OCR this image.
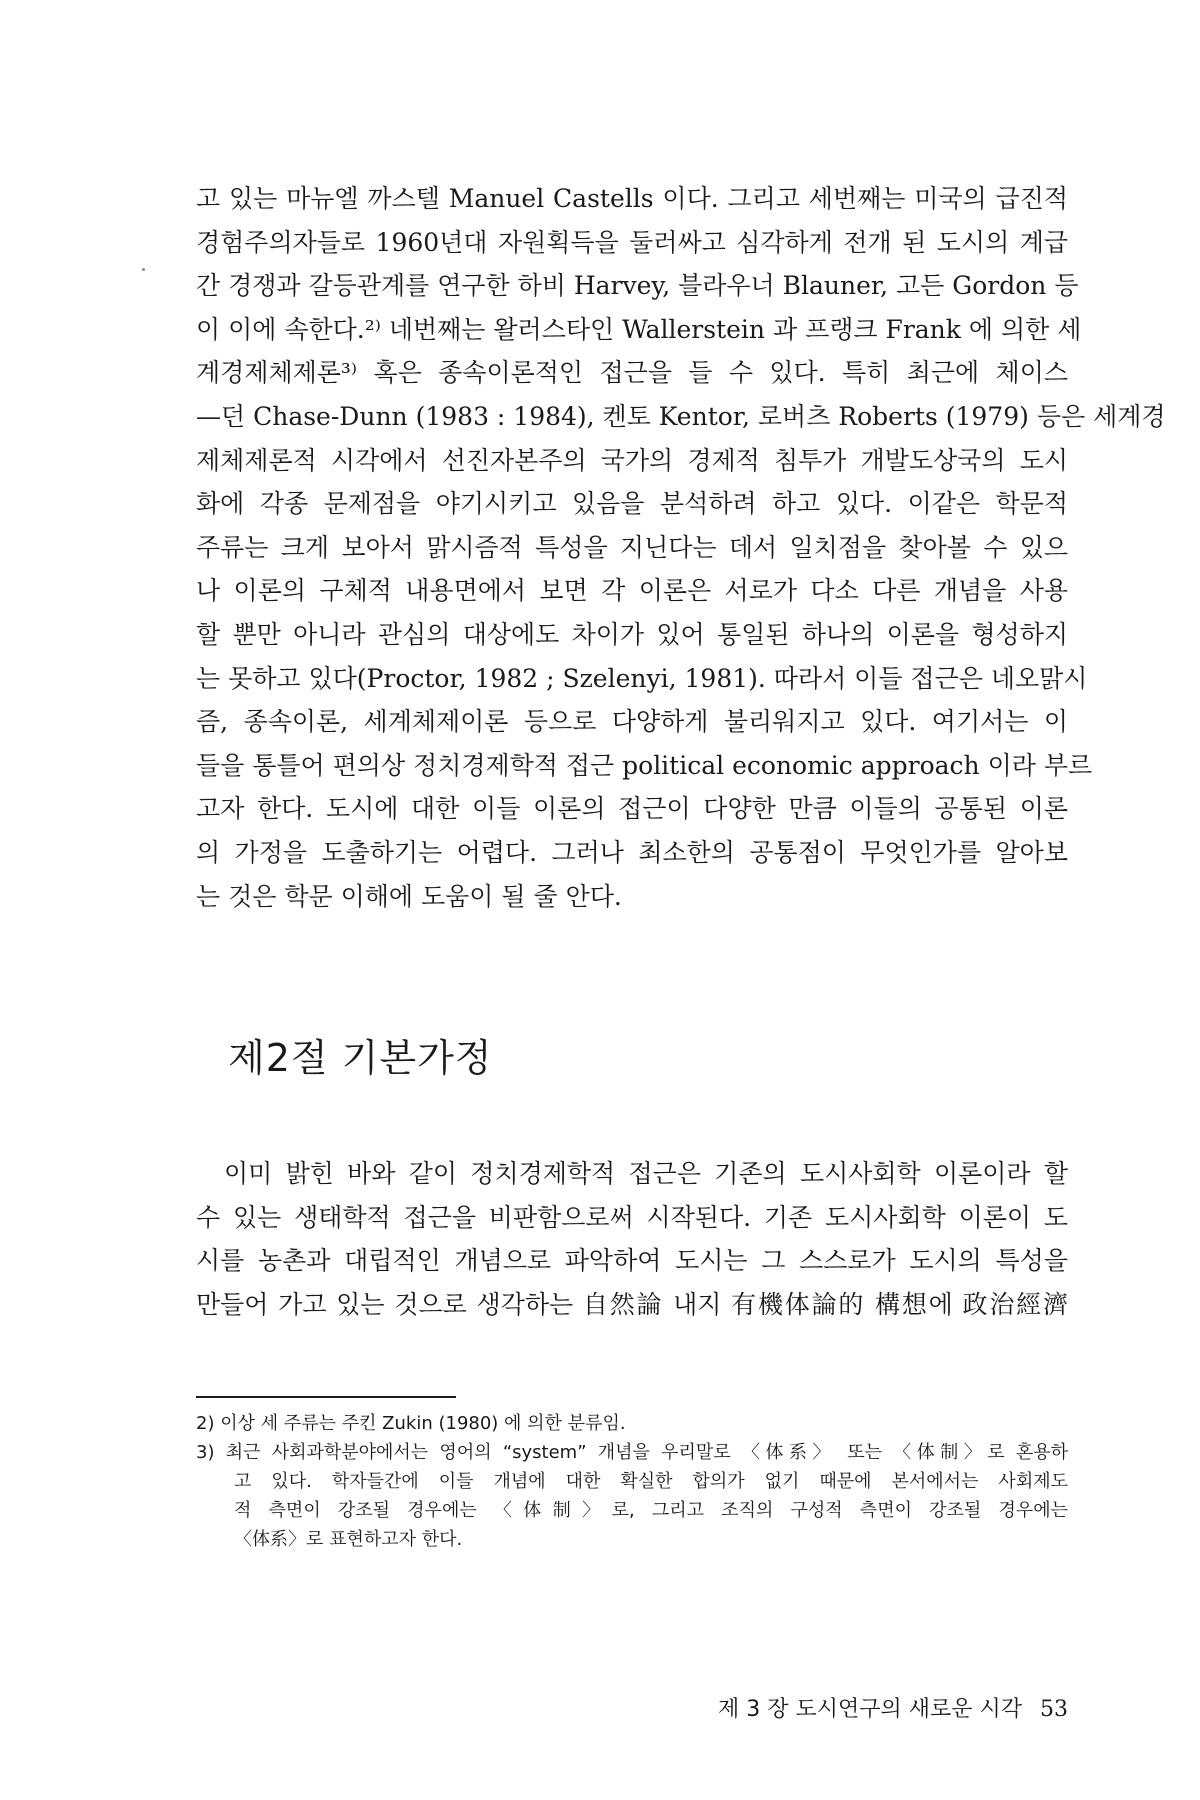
고 있는 마뉴엘 까스텔 Manuel Castells 이다. 그리고 세번째는 미국의 급진적
경험주의자들로 1960년대 자원획득을 둘러싸고 심각하게 전개 된 도시의 계급
간 경쟁과 갈등관계를 연구한 하비 Harvey, 블라우너 Blauner, 고든 Gordon 등
이 이에 속한다.²⁾ 네번째는 왈러스타인 Wallerstein 과 프랭크 Frank 에 의한 세
계경제체제론³⁾ 혹은 종속이론적인 접근을 들 수 있다. 특히 최근에 체이스
—던 Chase-Dunn (1983 : 1984), 켄토 Kentor, 로버츠 Roberts (1979) 등은 세계경
제체제론적 시각에서 선진자본주의 국가의 경제적 침투가 개발도상국의 도시
화에 각종 문제점을 야기시키고 있음을 분석하려 하고 있다. 이같은 학문적
주류는 크게 보아서 맑시즘적 특성을 지닌다는 데서 일치점을 찾아볼 수 있으
나 이론의 구체적 내용면에서 보면 각 이론은 서로가 다소 다른 개념을 사용
할 뿐만 아니라 관심의 대상에도 차이가 있어 통일된 하나의 이론을 형성하지
는 못하고 있다(Proctor, 1982 ; Szelenyi, 1981). 따라서 이들 접근은 네오맑시
즘, 종속이론, 세계체제이론 등으로 다양하게 불리워지고 있다. 여기서는 이
들을 통틀어 편의상 정치경제학적 접근 political economic approach 이라 부르
고자 한다. 도시에 대한 이들 이론의 접근이 다양한 만큼 이들의 공통된 이론
의 가정을 도출하기는 어렵다. 그러나 최소한의 공통점이 무엇인가를 알아보
는 것은 학문 이해에 도움이 될 줄 안다.
제2절 기본가정
이미 밝힌 바와 같이 정치경제학적 접근은 기존의 도시사회학 이론이라 할
수 있는 생태학적 접근을 비판함으로써 시작된다. 기존 도시사회학 이론이 도
시를 농촌과 대립적인 개념으로 파악하여 도시는 그 스스로가 도시의 특성을
만들어 가고 있는 것으로 생각하는 自然論 내지 有機体論的 構想에 政治經濟
2) 이상 세 주류는 주킨 Zukin (1980) 에 의한 분류임.
3) 최근 사회과학분야에서는 영어의 “system” 개념을 우리말로 〈体系〉 또는 〈体制〉로 혼용하
고 있다. 학자들간에 이들 개념에 대한 확실한 합의가 없기 때문에 본서에서는 사회제도
적 측면이 강조될 경우에는 〈体制〉로, 그리고 조직의 구성적 측면이 강조될 경우에는
〈体系〉로 표현하고자 한다.
제 3 장 도시연구의 새로운 시각 53
